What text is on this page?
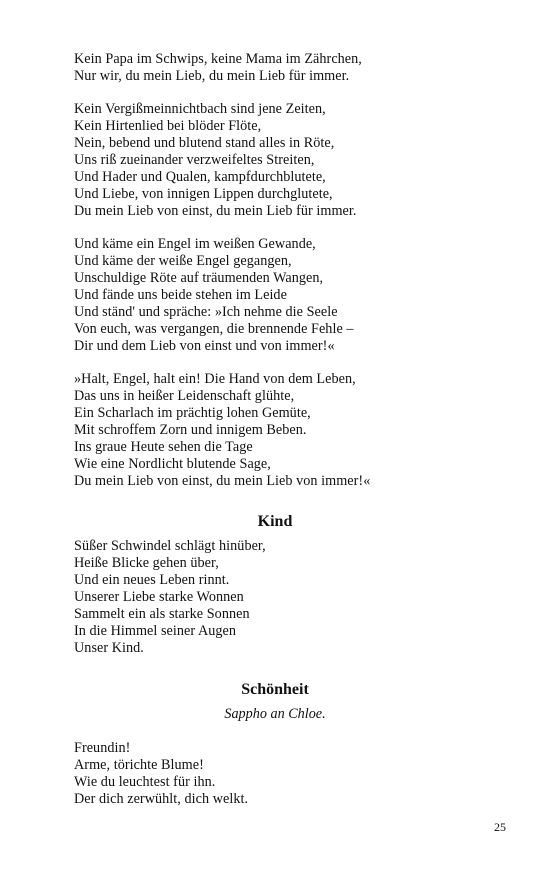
Kein Papa im Schwips, keine Mama im Zährchen,
Nur wir, du mein Lieb, du mein Lieb für immer.
Kein Vergißmeinnichtbach sind jene Zeiten,
Kein Hirtenlied bei blöder Flöte,
Nein, bebend und blutend stand alles in Röte,
Uns riß zueinander verzweifeltes Streiten,
Und Hader und Qualen, kampfdurchblutete,
Und Liebe, von innigen Lippen durchglutete,
Du mein Lieb von einst, du mein Lieb für immer.
Und käme ein Engel im weißen Gewande,
Und käme der weiße Engel gegangen,
Unschuldige Röte auf träumenden Wangen,
Und fände uns beide stehen im Leide
Und ständ' und spräche: »Ich nehme die Seele
Von euch, was vergangen, die brennende Fehle –
Dir und dem Lieb von einst und von immer!«
»Halt, Engel, halt ein! Die Hand von dem Leben,
Das uns in heißer Leidenschaft glühte,
Ein Scharlach im prächtig lohen Gemüte,
Mit schroffem Zorn und innigem Beben.
Ins graue Heute sehen die Tage
Wie eine Nordlicht blutende Sage,
Du mein Lieb von einst, du mein Lieb von immer!«
Kind
Süßer Schwindel schlägt hinüber,
Heiße Blicke gehen über,
Und ein neues Leben rinnt.
Unserer Liebe starke Wonnen
Sammelt ein als starke Sonnen
In die Himmel seiner Augen
Unser Kind.
Schönheit
Sappho an Chloe.
Freundin!
Arme, törichte Blume!
Wie du leuchtest für ihn.
Der dich zerwühlt, dich welkt.
25
